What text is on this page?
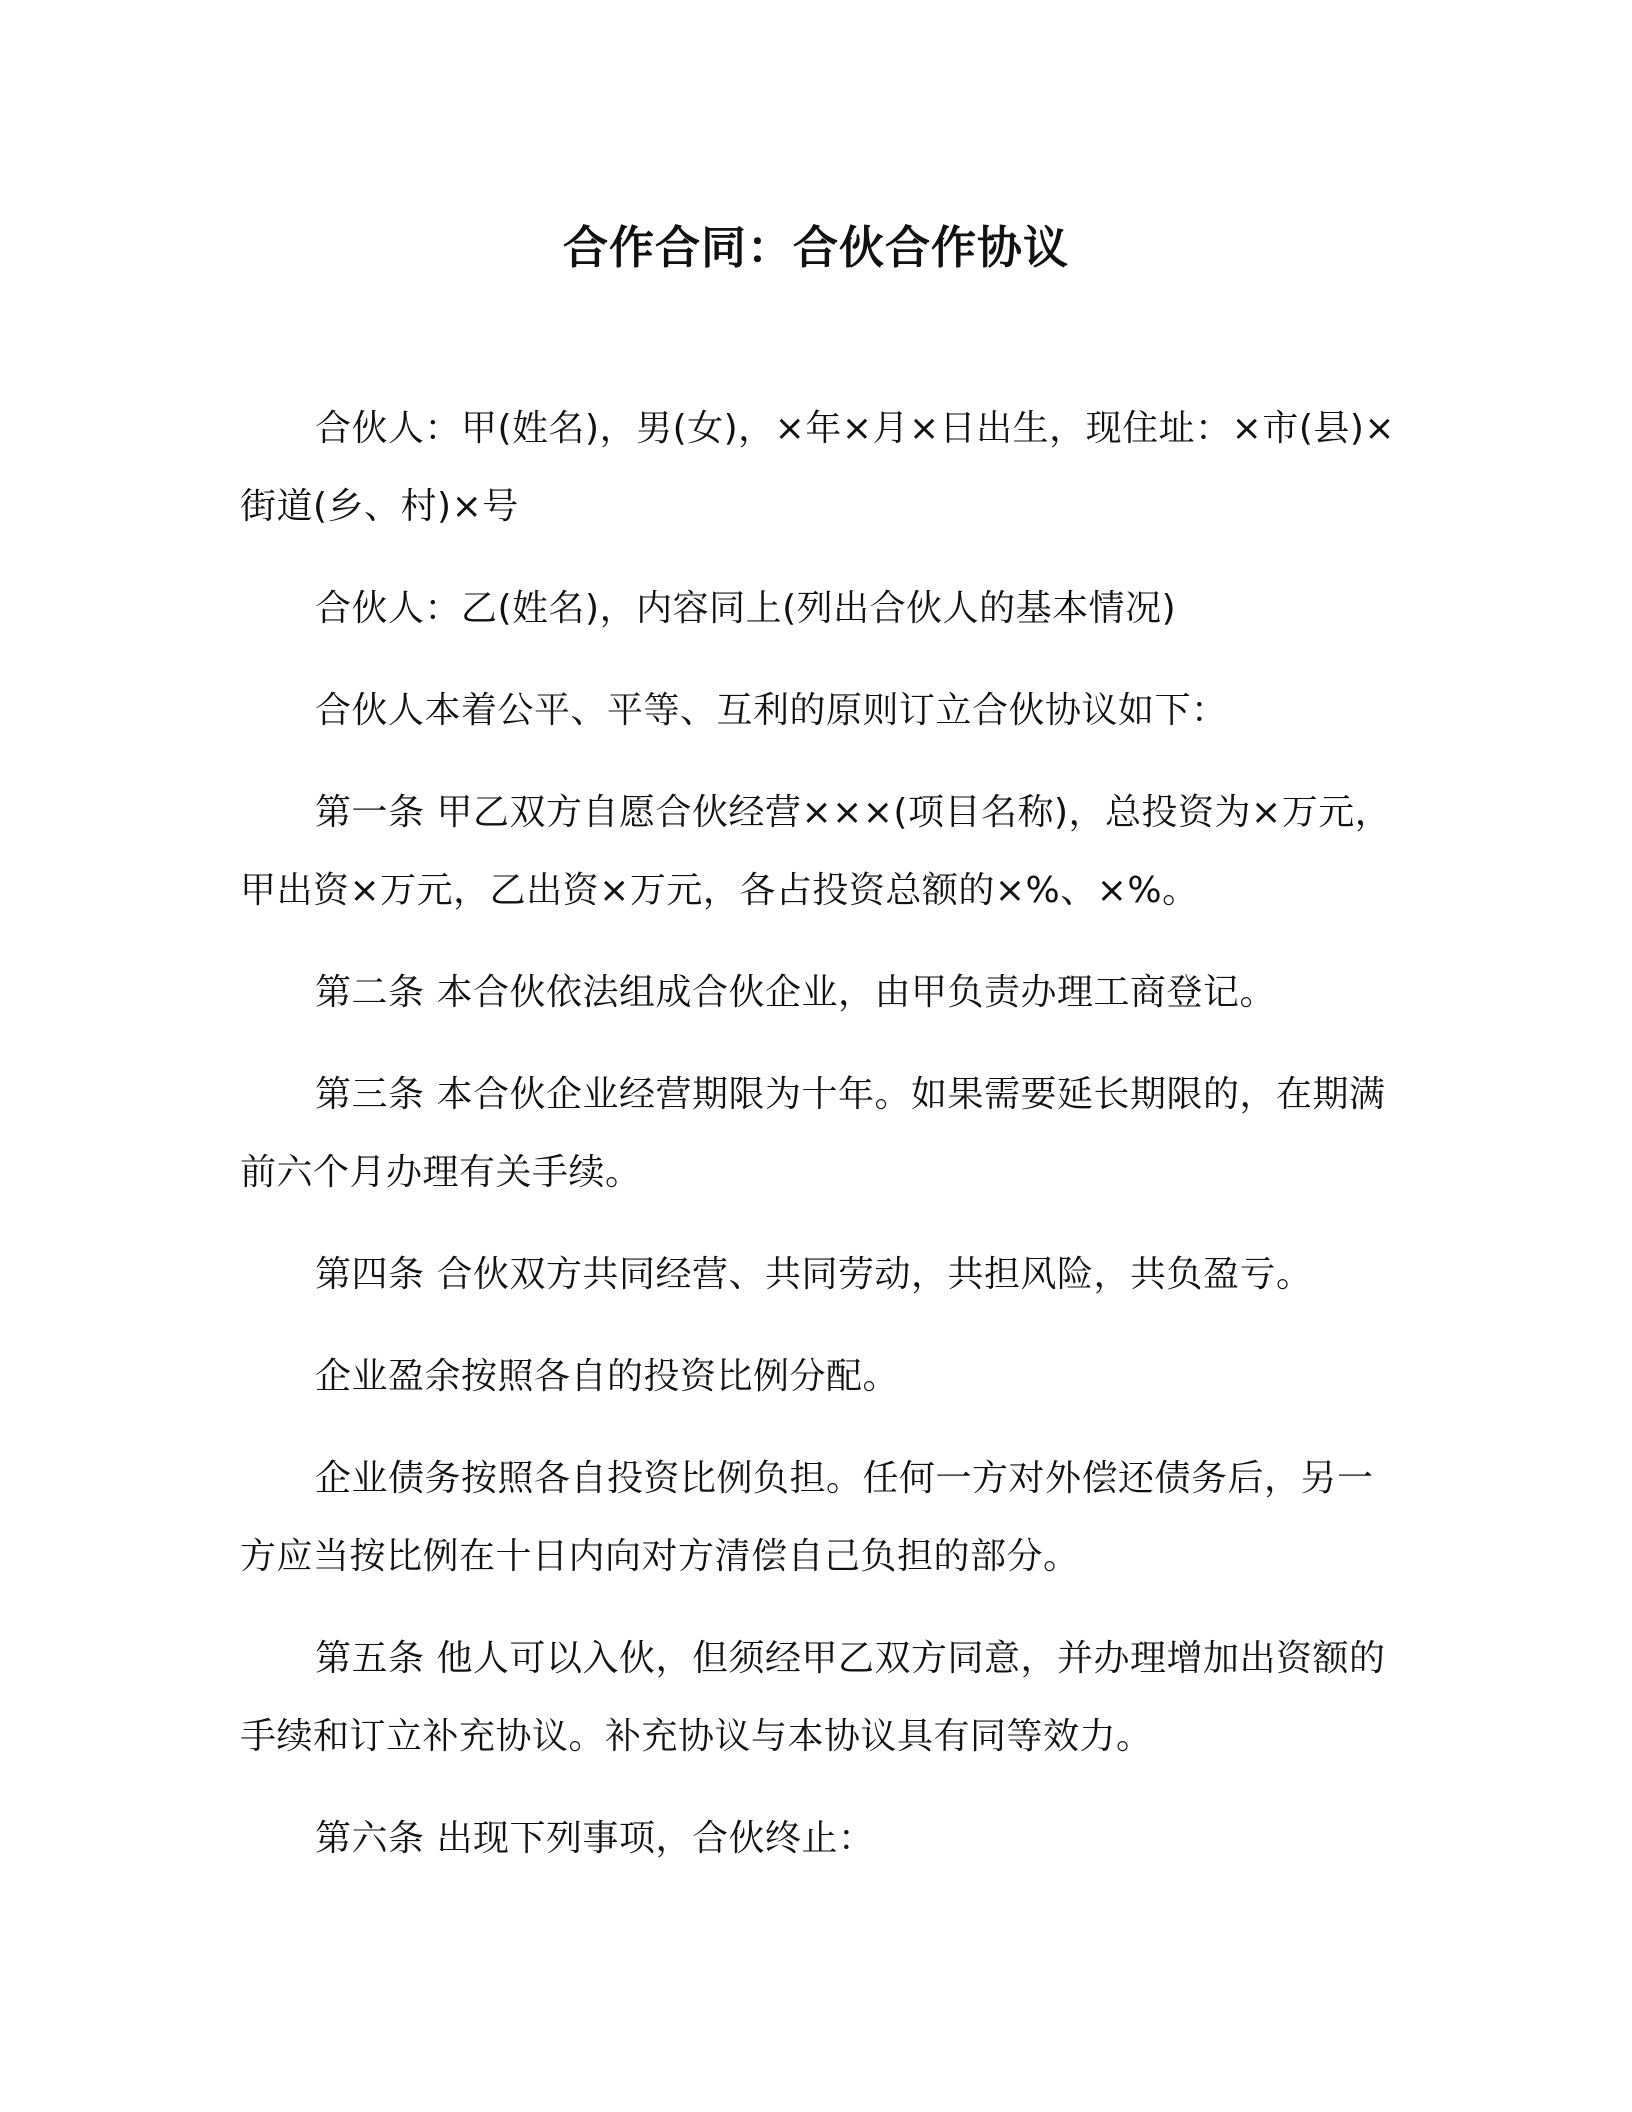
合作合同：合伙合作协议

合伙人：甲(姓名)，男(女)，×年×月×日出生，现住址：×市(县)×街道(乡、村)×号

合伙人：乙(姓名)，内容同上(列出合伙人的基本情况)

合伙人本着公平、平等、互利的原则订立合伙协议如下：

第一条 甲乙双方自愿合伙经营×××(项目名称)，总投资为×万元，甲出资×万元，乙出资×万元，各占投资总额的×%、×%。

第二条 本合伙依法组成合伙企业，由甲负责办理工商登记。

第三条 本合伙企业经营期限为十年。如果需要延长期限的，在期满前六个月办理有关手续。

第四条 合伙双方共同经营、共同劳动，共担风险，共负盈亏。

企业盈余按照各自的投资比例分配。

企业债务按照各自投资比例负担。任何一方对外偿还债务后，另一方应当按比例在十日内向对方清偿自己负担的部分。

第五条 他人可以入伙，但须经甲乙双方同意，并办理增加出资额的手续和订立补充协议。补充协议与本协议具有同等效力。

第六条 出现下列事项，合伙终止：
